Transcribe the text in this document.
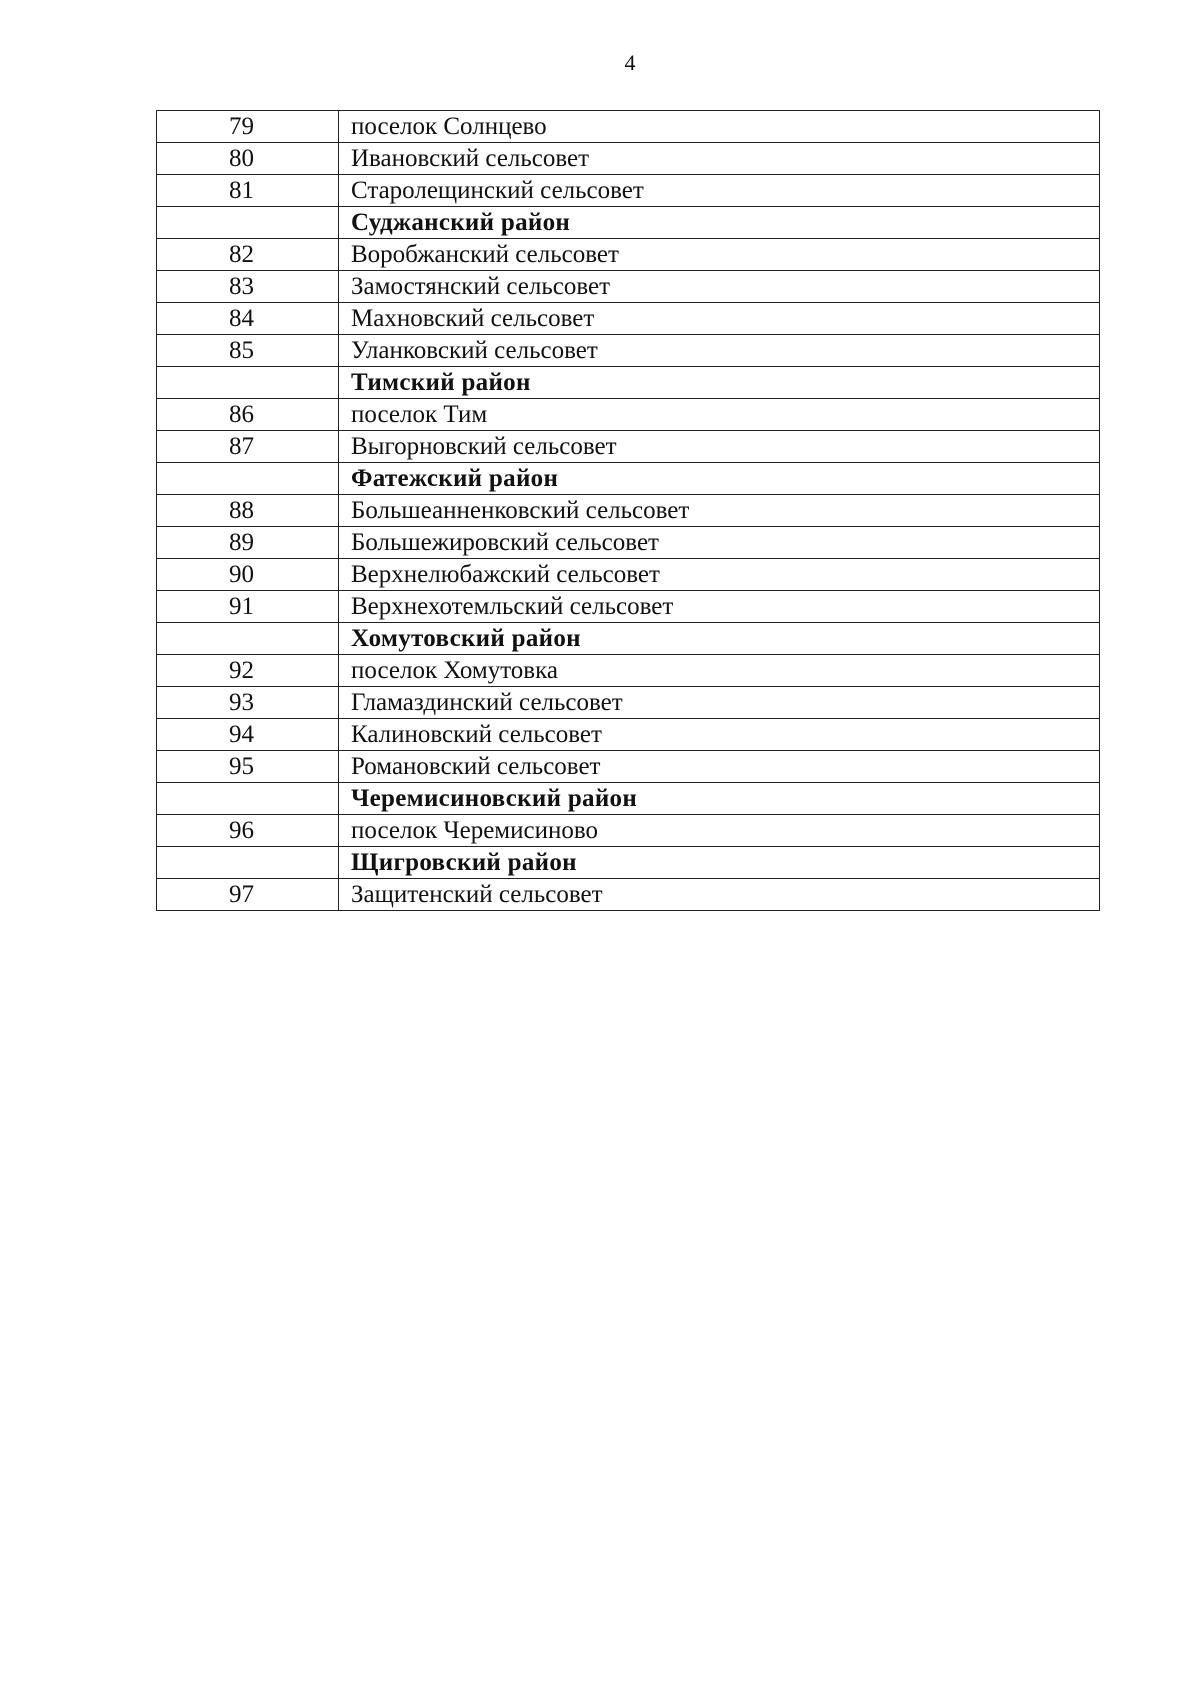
4
79	поселок Солнцево
80	Ивановский сельсовет
81	Старолещинский сельсовет
	Суджанский район
82	Воробжанский сельсовет
83	Замостянский сельсовет
84	Махновский сельсовет
85	Уланковский сельсовет
	Тимский район
86	поселок Тим
87	Выгорновский сельсовет
	Фатежский район
88	Большеанненковский сельсовет
89	Большежировский сельсовет
90	Верхнелюбажский сельсовет
91	Верхнехотемльский сельсовет
	Хомутовский район
92	поселок Хомутовка
93	Гламаздинский сельсовет
94	Калиновский сельсовет
95	Романовский сельсовет
	Черемисиновский район
96	поселок Черемисиново
	Щигровский район
97	Защитенский сельсовет
